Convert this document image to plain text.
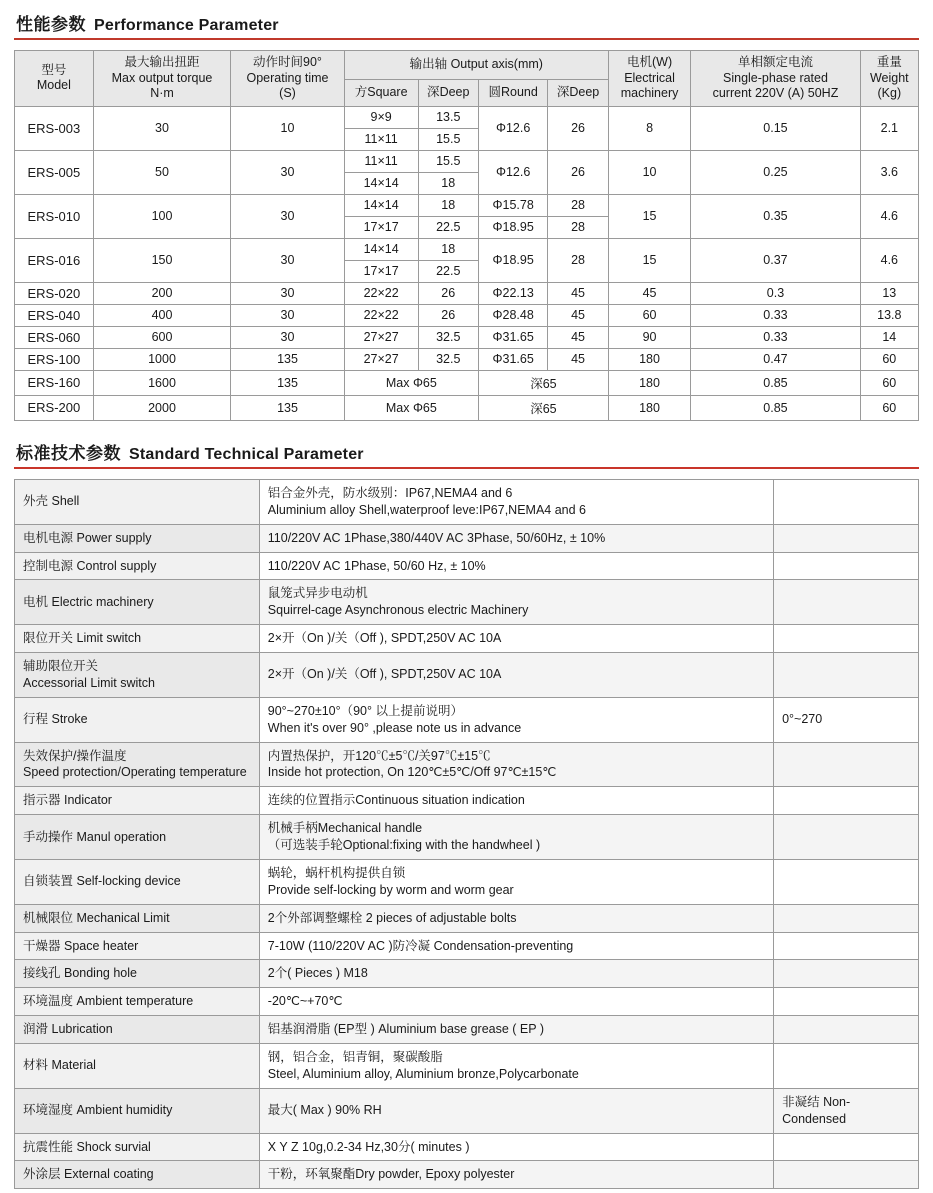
性能参数 Performance Parameter
型号
Model	最大输出扭距
Max output torque
N·m	动作时间90°
Operating time
(S)	输出轴 Output axis(mm)				电机(W)
Electrical
machinery	单相额定电流
Single-phase rated
current 220V (A) 50HZ	重量
Weight
(Kg)
			方Square	深Deep	圆Round	深Deep			
ERS-003	30	10	9×9	13.5	Φ12.6	26	8	0.15	2.1
			11×11	15.5					
ERS-005	50	30	11×11	15.5	Φ12.6	26	10	0.25	3.6
			14×14	18					
ERS-010	100	30	14×14	18	Φ15.78	28	15	0.35	4.6
			17×17	22.5	Φ18.95	28			
ERS-016	150	30	14×14	18	Φ18.95	28	15	0.37	4.6
			17×17	22.5					
ERS-020	200	30	22×22	26	Φ22.13	45	45	0.3	13
ERS-040	400	30	22×22	26	Φ28.48	45	60	0.33	13.8
ERS-060	600	30	27×27	32.5	Φ31.65	45	90	0.33	14
ERS-100	1000	135	27×27	32.5	Φ31.65	45	180	0.47	60
ERS-160	1600	135	Max Φ65		深65		180	0.85	60
ERS-200	2000	135	Max Φ65		深65		180	0.85	60
标准技术参数 Standard Technical Parameter
外壳 Shell	铝合金外壳，防水级别：IP67,NEMA4 and 6
Aluminium alloy Shell,waterproof leve:IP67,NEMA4 and 6	

电机电源 Power supply	110/220V AC 1Phase,380/440V AC 3Phase, 50/60Hz, ± 10%	

控制电源 Control supply	110/220V AC 1Phase, 50/60 Hz, ± 10%	

电机 Electric machinery	鼠笼式异步电动机
Squirrel-cage Asynchronous electric Machinery	

限位开关 Limit switch	2×开（On )/关（Off ), SPDT,250V AC 10A	

辅助限位开关
Accessorial Limit switch	2×开（On )/关（Off ), SPDT,250V AC 10A	

行程 Stroke	90°~270±10°（90° 以上提前说明）
When it's over 90° ,please note us in advance	0°~270

失效保护/操作温度
Speed protection/Operating temperature	内置热保护，开120℃±5℃/关97℃±15℃
Inside hot protection, On 120℃±5℃/Off 97℃±15℃	

指示器 Indicator	连续的位置指示Continuous situation indication	

手动操作 Manul operation	机械手柄Mechanical handle
（可选装手轮Optional:fixing with the handwheel )	

自锁装置 Self-locking device	蜗轮，蜗杆机构提供自锁
Provide self-locking by worm and worm gear	

机械限位 Mechanical Limit	2个外部调整螺栓 2 pieces of adjustable bolts	

干燥器 Space heater	7-10W (110/220V AC )防冷凝 Condensation-preventing	

接线孔 Bonding hole	2个( Pieces ) M18	

环境温度 Ambient temperature	-20℃~+70℃	

润滑 Lubrication	铝基润滑脂 (EP型 ) Aluminium base grease ( EP )	

材料 Material	钢，铝合金，铝青铜，聚碳酸脂
Steel, Aluminium alloy, Aluminium bronze,Polycarbonate	

环境湿度 Ambient humidity	最大( Max ) 90% RH	非凝结 Non-Condensed
抗震性能 Shock survial	X Y Z 10g,0.2-34 Hz,30分( minutes )	

外涂层 External coating	干粉，环氧聚酯Dry powder, Epoxy polyester	
